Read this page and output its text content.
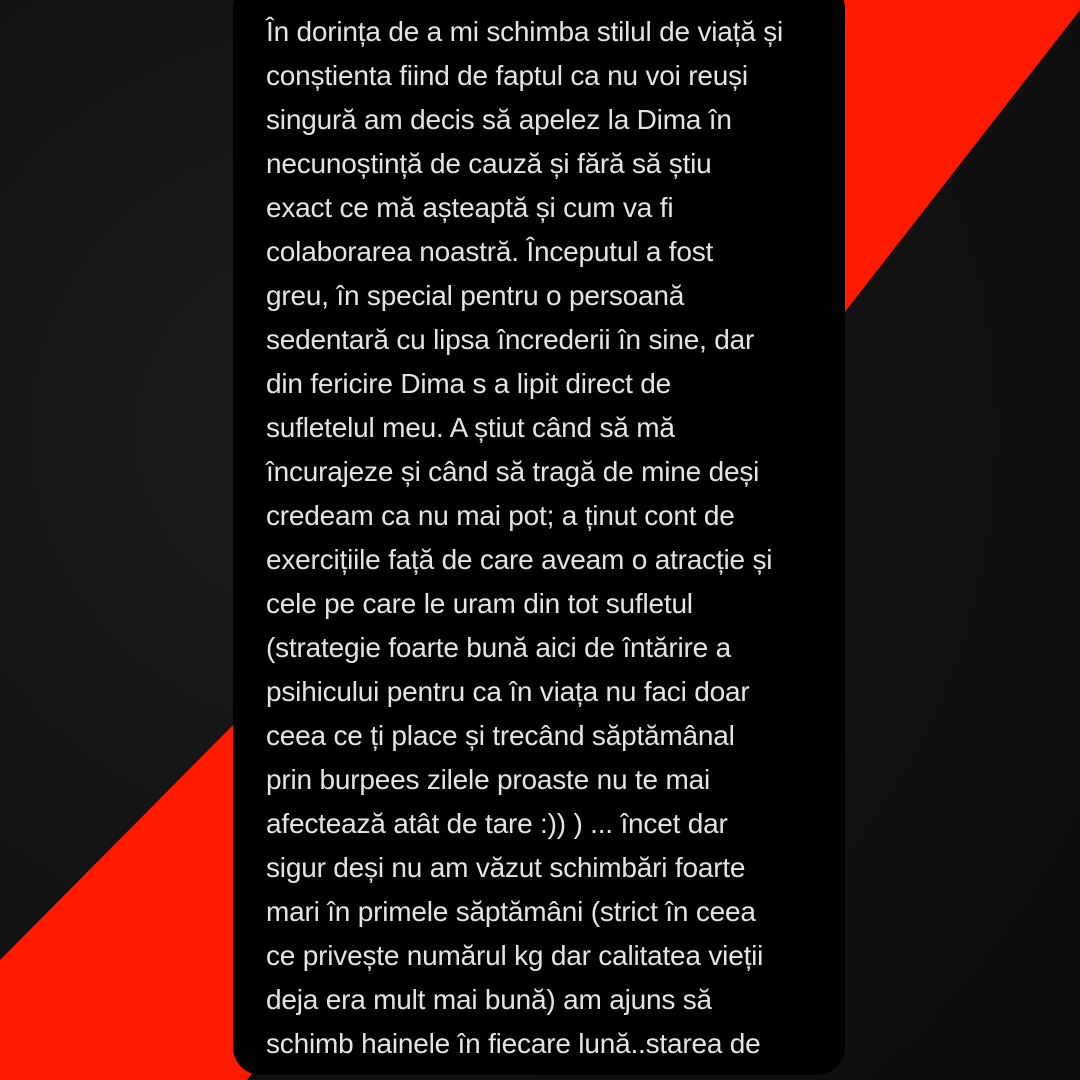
În dorința de a mi schimba stilul de viață și
conștienta fiind de faptul ca nu voi reuși
singură am decis să apelez la Dima în
necunoștință de cauză și fără să știu
exact ce mă așteaptă și cum va fi
colaborarea noastră. Începutul a fost
greu, în special pentru o persoană
sedentară cu lipsa încrederii în sine, dar
din fericire Dima s a lipit direct de
sufletelul meu. A știut când să mă
încurajeze și când să tragă de mine deși
credeam ca nu mai pot; a ținut cont de
exercițiile față de care aveam o atracție și
cele pe care le uram din tot sufletul
(strategie foarte bună aici de întărire a
psihicului pentru ca în viața nu faci doar
ceea ce ți place și trecând săptămânal
prin burpees zilele proaste nu te mai
afectează atât de tare :)) ) ... încet dar
sigur deși nu am văzut schimbări foarte
mari în primele săptămâni (strict în ceea
ce privește numărul kg dar calitatea vieții
deja era mult mai bună) am ajuns să
schimb hainele în fiecare lună..starea de
